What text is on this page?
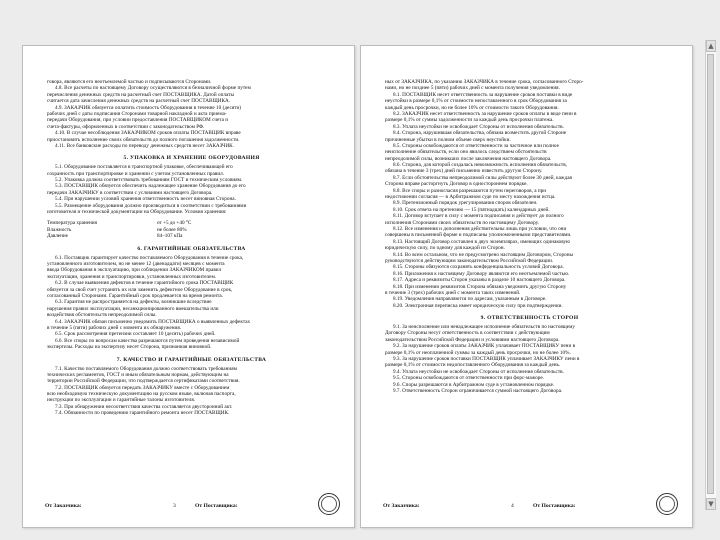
▲
▼
говора, являются его неотъемлемой частью и подписываются Сторонами.
4.8. Все расчеты по настоящему Договору осуществляются в безналичной форме путем
перечисления денежных средств на расчетный счет ПОСТАВЩИКА. Датой оплаты
считается дата зачисления денежных средств на расчетный счет ПОСТАВЩИКА.
4.9. ЗАКАЗЧИК обязуется оплатить стоимость Оборудования в течение 10 (десяти)
рабочих дней с даты подписания Сторонами товарной накладной и акта приема-
передачи Оборудования, при условии предоставления ПОСТАВЩИКОМ счета и
счета-фактуры, оформленных в соответствии с законодательством РФ.
4.10. В случае несоблюдения ЗАКАЗЧИКОМ сроков оплаты ПОСТАВЩИК вправе
приостановить исполнение своих обязательств до полного погашения задолженности.
4.11. Все банковские расходы по переводу денежных средств несет ЗАКАЗЧИК.
5. УПАКОВКА И ХРАНЕНИЕ ОБОРУДОВАНИЯ
5.1. Оборудование поставляется в транспортной упаковке, обеспечивающей его
сохранность при транспортировке и хранении с учетом установленных правил.
5.2. Упаковка должна соответствовать требованиям ГОСТ и техническим условиям.
5.3. ПОСТАВЩИК обязуется обеспечить надлежащее хранение Оборудования до его
передачи ЗАКАЗЧИКУ в соответствии с условиями настоящего Договора.
5.4. При нарушении условий хранения ответственность несет виновная Сторона.
5.5. Размещение оборудования должно производиться в соответствии с требованиями
изготовителя и технической документации на Оборудование. Условия хранения:
Температура хранения	от +5 до +40 °C
Влажность	не более 80%
Давление	84–107 кПа
6. ГАРАНТИЙНЫЕ ОБЯЗАТЕЛЬСТВА
6.1. Поставщик гарантирует качество поставляемого Оборудования в течение срока,
установленного изготовителем, но не менее 12 (двенадцати) месяцев с момента
ввода Оборудования в эксплуатацию, при соблюдении ЗАКАЗЧИКОМ правил
эксплуатации, хранения и транспортировки, установленных изготовителем.
6.2. В случае выявления дефектов в течение гарантийного срока ПОСТАВЩИК
обязуется за свой счет устранить их или заменить дефектное Оборудование в срок,
согласованный Сторонами. Гарантийный срок продлевается на время ремонта.
6.3. Гарантия не распространяется на дефекты, возникшие вследствие
нарушения правил эксплуатации, несанкционированного вмешательства или
воздействия обстоятельств непреодолимой силы.
6.4. ЗАКАЗЧИК обязан письменно уведомить ПОСТАВЩИКА о выявленных дефектах
в течение 5 (пяти) рабочих дней с момента их обнаружения.
6.5. Срок рассмотрения претензии составляет 10 (десять) рабочих дней.
6.6. Все споры по вопросам качества разрешаются путем проведения независимой
экспертизы. Расходы на экспертизу несет Сторона, признанная виновной.
7. КАЧЕСТВО И ГАРАНТИЙНЫЕ ОБЯЗАТЕЛЬСТВА
7.1. Качество поставляемого Оборудования должно соответствовать требованиям
технических регламентов, ГОСТ и иным обязательным нормам, действующим на
территории Российской Федерации, что подтверждается сертификатами соответствия.
7.2. ПОСТАВЩИК обязуется передать ЗАКАЗЧИКУ вместе с Оборудованием
всю необходимую техническую документацию на русском языке, включая паспорта,
инструкции по эксплуатации и гарантийные талоны изготовителя.
7.3. При обнаружении несоответствия качества составляется двусторонний акт.
7.4. Обязанности по проведению гарантийного ремонта несет ПОСТАВЩИК.
От Заказчика:	3	От Поставщика:
ных от ЗАКАЗЧИКА, по указанию ЗАКАЗЧИКА в течение срока, согласованного Сторо-
нами, но не позднее 5 (пяти) рабочих дней с момента получения уведомления.
8.1. ПОСТАВЩИК несет ответственность за нарушение сроков поставки в виде
неустойки в размере 0,1% от стоимости непоставленного в срок Оборудования за
каждый день просрочки, но не более 10% от стоимости такого Оборудования.
8.2. ЗАКАЗЧИК несет ответственность за нарушение сроков оплаты в виде пени в
размере 0,1% от суммы задолженности за каждый день просрочки платежа.
8.3. Уплата неустойки не освобождает Стороны от исполнения обязательств.
8.4. Сторона, нарушившая обязательства, обязана возместить другой Стороне
причиненные убытки в полном объеме сверх неустойки.
8.5. Стороны освобождаются от ответственности за частичное или полное
неисполнение обязательств, если оно явилось следствием обстоятельств
непреодолимой силы, возникших после заключения настоящего Договора.
8.6. Сторона, для которой создалась невозможность исполнения обязательств,
обязана в течение 3 (трех) дней письменно известить другую Сторону.
8.7. Если обстоятельства непреодолимой силы действуют более 30 дней, каждая
Сторона вправе расторгнуть Договор в одностороннем порядке.
8.8. Все споры и разногласия разрешаются путем переговоров, а при
недостижении согласия — в Арбитражном суде по месту нахождения истца.
8.9. Претензионный порядок урегулирования споров обязателен.
8.10. Срок ответа на претензию — 15 (пятнадцать) календарных дней.
8.11. Договор вступает в силу с момента подписания и действует до полного
исполнения Сторонами своих обязательств по настоящему Договору.
8.12. Все изменения и дополнения действительны лишь при условии, что они
совершены в письменной форме и подписаны уполномоченными представителями.
8.13. Настоящий Договор составлен в двух экземплярах, имеющих одинаковую
юридическую силу, по одному для каждой из Сторон.
8.14. Во всем остальном, что не предусмотрено настоящим Договором, Стороны
руководствуются действующим законодательством Российской Федерации.
8.15. Стороны обязуются сохранять конфиденциальность условий Договора.
8.16. Приложения к настоящему Договору являются его неотъемлемой частью.
8.17. Адреса и реквизиты Сторон указаны в разделе 10 настоящего Договора.
8.18. При изменении реквизитов Сторона обязана уведомить другую Сторону
в течение 3 (трех) рабочих дней с момента таких изменений.
8.19. Уведомления направляются по адресам, указанным в Договоре.
8.20. Электронная переписка имеет юридическую силу при подтверждении.
9. ОТВЕТСТВЕННОСТЬ СТОРОН
9.1. За неисполнение или ненадлежащее исполнение обязательств по настоящему
Договору Стороны несут ответственность в соответствии с действующим
законодательством Российской Федерации и условиями настоящего Договора.
9.2. За нарушение сроков оплаты ЗАКАЗЧИК уплачивает ПОСТАВЩИКУ пени в
размере 0,1% от неоплаченной суммы за каждый день просрочки, но не более 10%.
9.3. За нарушение сроков поставки ПОСТАВЩИК уплачивает ЗАКАЗЧИКУ пени в
размере 0,1% от стоимости недопоставленного Оборудования за каждый день.
9.4. Уплата неустойки не освобождает Стороны от исполнения обязательств.
9.5. Стороны освобождаются от ответственности при форс-мажоре.
9.6. Споры разрешаются в Арбитражном суде в установленном порядке.
9.7. Ответственность Сторон ограничивается суммой настоящего Договора.
От Заказчика:	4	От Поставщика:
